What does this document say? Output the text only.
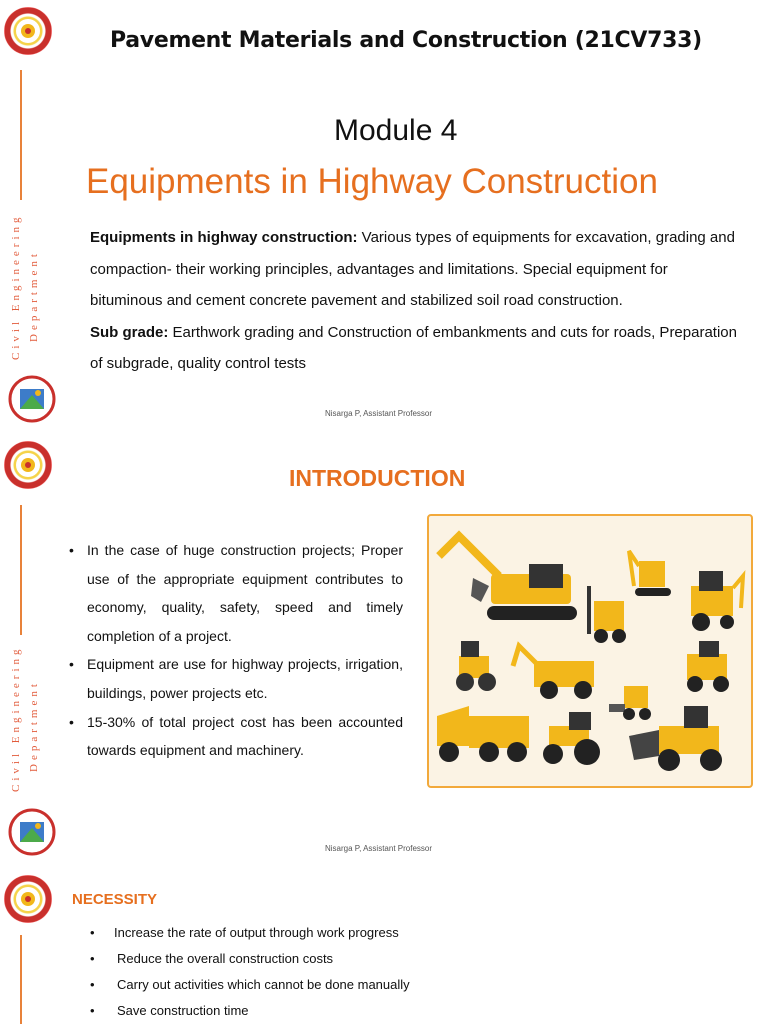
Civil Engineering Department
Civil Engineering Department
Pavement Materials and Construction (21CV733)
Module 4
Equipments in Highway Construction
Equipments in highway construction: Various types of equipments for excavation, grading and compaction- their working principles, advantages and limitations. Special equipment for bituminous and cement concrete pavement and stabilized soil road construction.
Sub grade: Earthwork grading and Construction of embankments and cuts for roads, Preparation of subgrade, quality control tests
Nisarga P, Assistant Professor
INTRODUCTION
• In the case of huge construction projects; Proper use of the appropriate equipment contributes to economy, quality, safety, speed and timely completion of a project.
• Equipment are use for highway projects, irrigation, buildings, power projects etc.
• 15-30% of total project cost has been accounted towards equipment and machinery.
Nisarga P, Assistant Professor
NECESSITY
• Increase the rate of output through work progress
• Reduce the overall construction costs
• Carry out activities which cannot be done manually
• Save construction time
